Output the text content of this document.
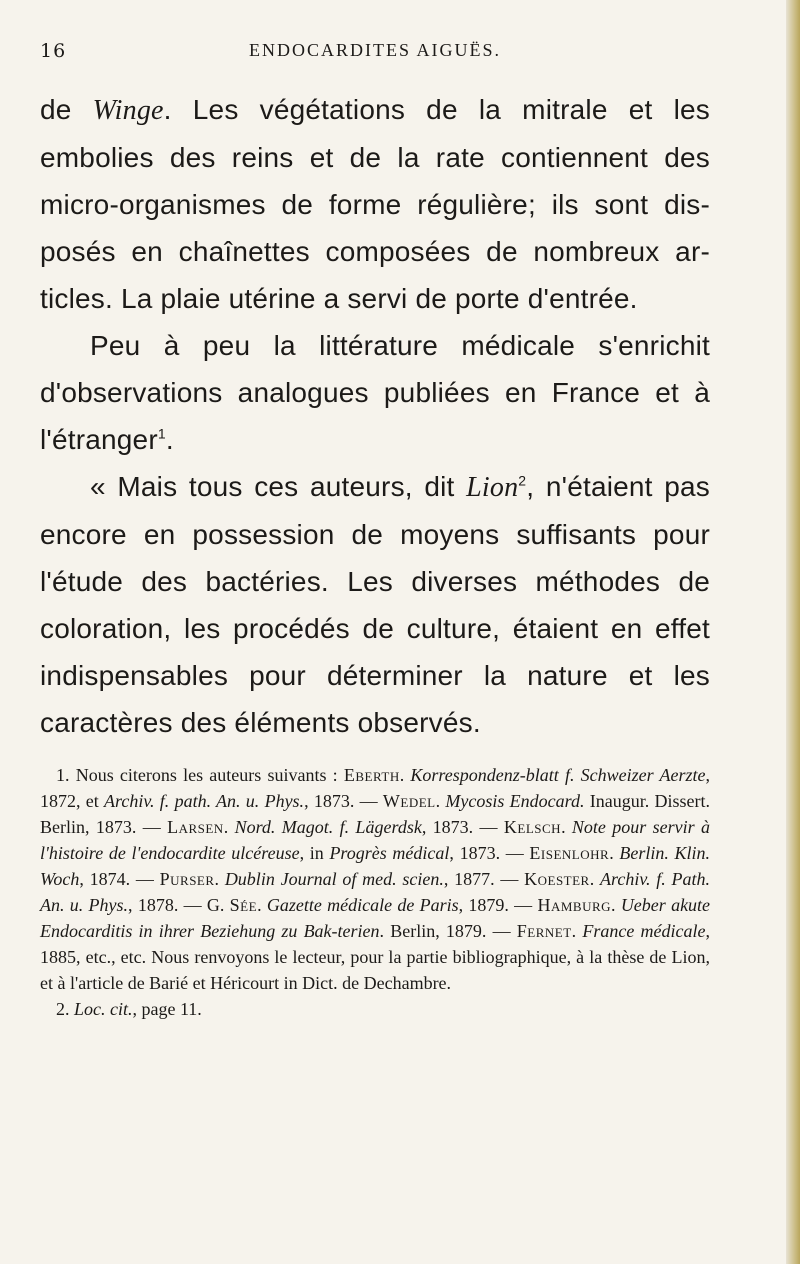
16	ENDOCARDITES AIGUËS.

de Winge. Les végétations de la mitrale et les embolies des reins et de la rate contiennent des micro-organismes de forme régulière; ils sont dis-posés en chaînettes composées de nombreux ar-ticles. La plaie utérine a servi de porte d'entrée.

Peu à peu la littérature médicale s'enrichit d'observations analogues publiées en France et à l'étranger$^1$.

« Mais tous ces auteurs, dit Lion$^2$, n'étaient pas encore en possession de moyens suffisants pour l'étude des bactéries. Les diverses méthodes de coloration, les procédés de culture, étaient en effet indispensables pour déterminer la nature et les caractères des éléments observés.

1. Nous citerons les auteurs suivants : Eberth. Korrespondenz-blatt f. Schweizer Aerzte, 1872, et Archiv. f. path. An. u. Phys., 1873. — Wedel. Mycosis Endocard. Inaugur. Dissert. Berlin, 1873. — Larsen. Nord. Magot. f. Lägerdsk, 1873. — Kelsch. Note pour servir à l'histoire de l'endocardite ulcéreuse, in Progrès médical, 1873. — Eisenlohr. Berlin. Klin. Woch, 1874. — Purser. Dublin Journal of med. scien., 1877. — Koester. Archiv. f. Path. An. u. Phys., 1878. — G. Sée. Gazette médicale de Paris, 1879. — Hamburg. Ueber akute Endocarditis in ihrer Beziehung zu Bak-terien. Berlin, 1879. — Fernet. France médicale, 1885, etc., etc. Nous renvoyons le lecteur, pour la partie bibliographique, à la thèse de Lion, et à l'article de Barié et Héricourt in Dict. de Dechambre.

2. Loc. cit., page 11.
